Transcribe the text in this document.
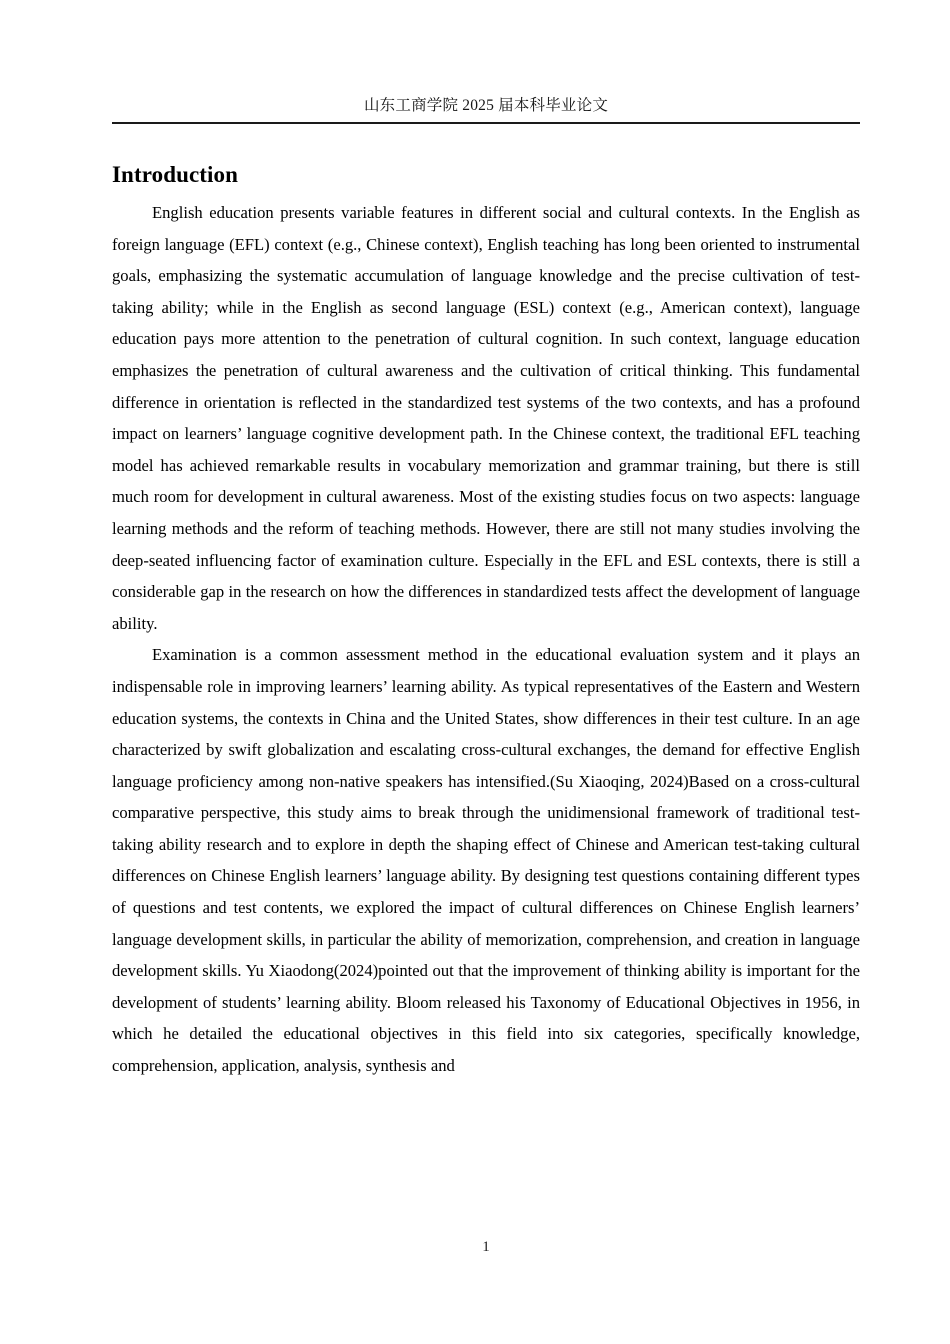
山东工商学院 2025 届本科毕业论文
Introduction

English education presents variable features in different social and cultural contexts. In the English as foreign language (EFL) context (e.g., Chinese context), English teaching has long been oriented to instrumental goals, emphasizing the systematic accumulation of language knowledge and the precise cultivation of test-taking ability; while in the English as second language (ESL) context (e.g., American context), language education pays more attention to the penetration of cultural cognition. In such context, language education emphasizes the penetration of cultural awareness and the cultivation of critical thinking. This fundamental difference in orientation is reflected in the standardized test systems of the two contexts, and has a profound impact on learners’ language cognitive development path. In the Chinese context, the traditional EFL teaching model has achieved remarkable results in vocabulary memorization and grammar training, but there is still much room for development in cultural awareness. Most of the existing studies focus on two aspects: language learning methods and the reform of teaching methods. However, there are still not many studies involving the deep-seated influencing factor of examination culture. Especially in the EFL and ESL contexts, there is still a considerable gap in the research on how the differences in standardized tests affect the development of language ability.

Examination is a common assessment method in the educational evaluation system and it plays an indispensable role in improving learners’ learning ability. As typical representatives of the Eastern and Western education systems, the contexts in China and the United States, show differences in their test culture. In an age characterized by swift globalization and escalating cross-cultural exchanges, the demand for effective English language proficiency among non-native speakers has intensified.(Su Xiaoqing, 2024)Based on a cross-cultural comparative perspective, this study aims to break through the unidimensional framework of traditional test-taking ability research and to explore in depth the shaping effect of Chinese and American test-taking cultural differences on Chinese English learners’ language ability. By designing test questions containing different types of questions and test contents, we explored the impact of cultural differences on Chinese English learners’ language development skills, in particular the ability of memorization, comprehension, and creation in language development skills. Yu Xiaodong(2024)pointed out that the improvement of thinking ability is important for the development of students’ learning ability. Bloom released his Taxonomy of Educational Objectives in 1956, in which he detailed the educational objectives in this field into six categories, specifically knowledge, comprehension, application, analysis, synthesis and

1
